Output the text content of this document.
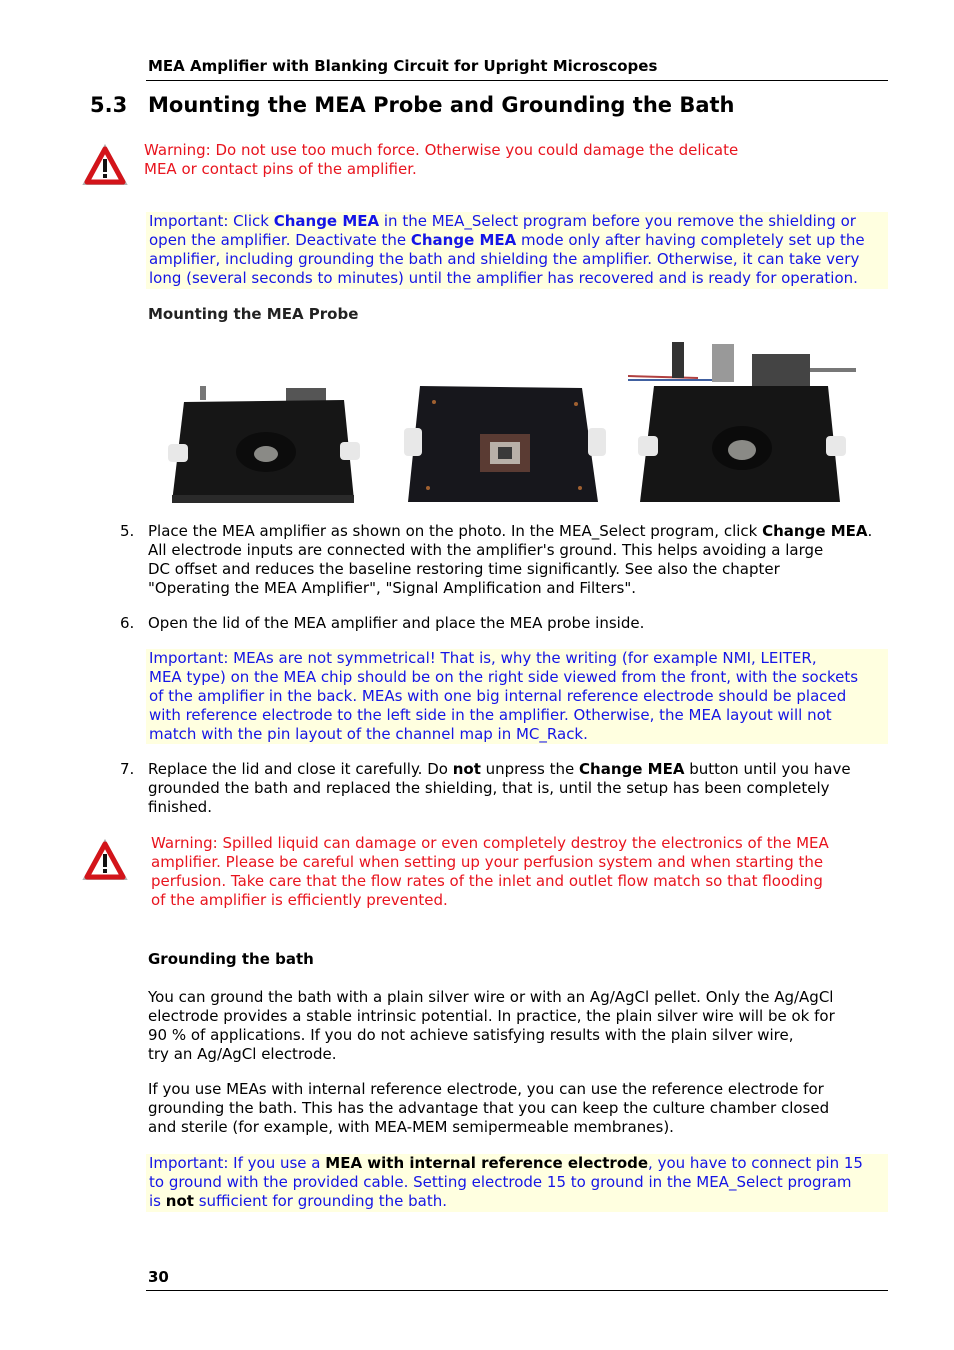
MEA Amplifier with Blanking Circuit for Upright Microscopes
5.3 Mounting the MEA Probe and Grounding the Bath
Warning: Do not use too much force. Otherwise you could damage the delicate
MEA or contact pins of the amplifier.
Important: Click Change MEA in the MEA_Select program before you remove the shielding or
open the amplifier. Deactivate the Change MEA mode only after having completely set up the
amplifier, including grounding the bath and shielding the amplifier. Otherwise, it can take very
long (several seconds to minutes) until the amplifier has recovered and is ready for operation.
Mounting the MEA Probe
5. Place the MEA amplifier as shown on the photo. In the MEA_Select program, click Change MEA.
All electrode inputs are connected with the amplifier's ground. This helps avoiding a large
DC offset and reduces the baseline restoring time significantly. See also the chapter
"Operating the MEA Amplifier", "Signal Amplification and Filters".
6. Open the lid of the MEA amplifier and place the MEA probe inside.
Important: MEAs are not symmetrical! That is, why the writing (for example NMI, LEITER,
MEA type) on the MEA chip should be on the right side viewed from the front, with the sockets
of the amplifier in the back. MEAs with one big internal reference electrode should be placed
with reference electrode to the left side in the amplifier. Otherwise, the MEA layout will not
match with the pin layout of the channel map in MC_Rack.
7. Replace the lid and close it carefully. Do not unpress the Change MEA button until you have
grounded the bath and replaced the shielding, that is, until the setup has been completely
finished.
Warning: Spilled liquid can damage or even completely destroy the electronics of the MEA
amplifier. Please be careful when setting up your perfusion system and when starting the
perfusion. Take care that the flow rates of the inlet and outlet flow match so that flooding
of the amplifier is efficiently prevented.
Grounding the bath
You can ground the bath with a plain silver wire or with an Ag/AgCl pellet. Only the Ag/AgCl
electrode provides a stable intrinsic potential. In practice, the plain silver wire will be ok for
90 % of applications. If you do not achieve satisfying results with the plain silver wire,
try an Ag/AgCl electrode.
If you use MEAs with internal reference electrode, you can use the reference electrode for
grounding the bath. This has the advantage that you can keep the culture chamber closed
and sterile (for example, with MEA-MEM semipermeable membranes).
Important: If you use a MEA with internal reference electrode, you have to connect pin 15
to ground with the provided cable. Setting electrode 15 to ground in the MEA_Select program
is not sufficient for grounding the bath.
30
